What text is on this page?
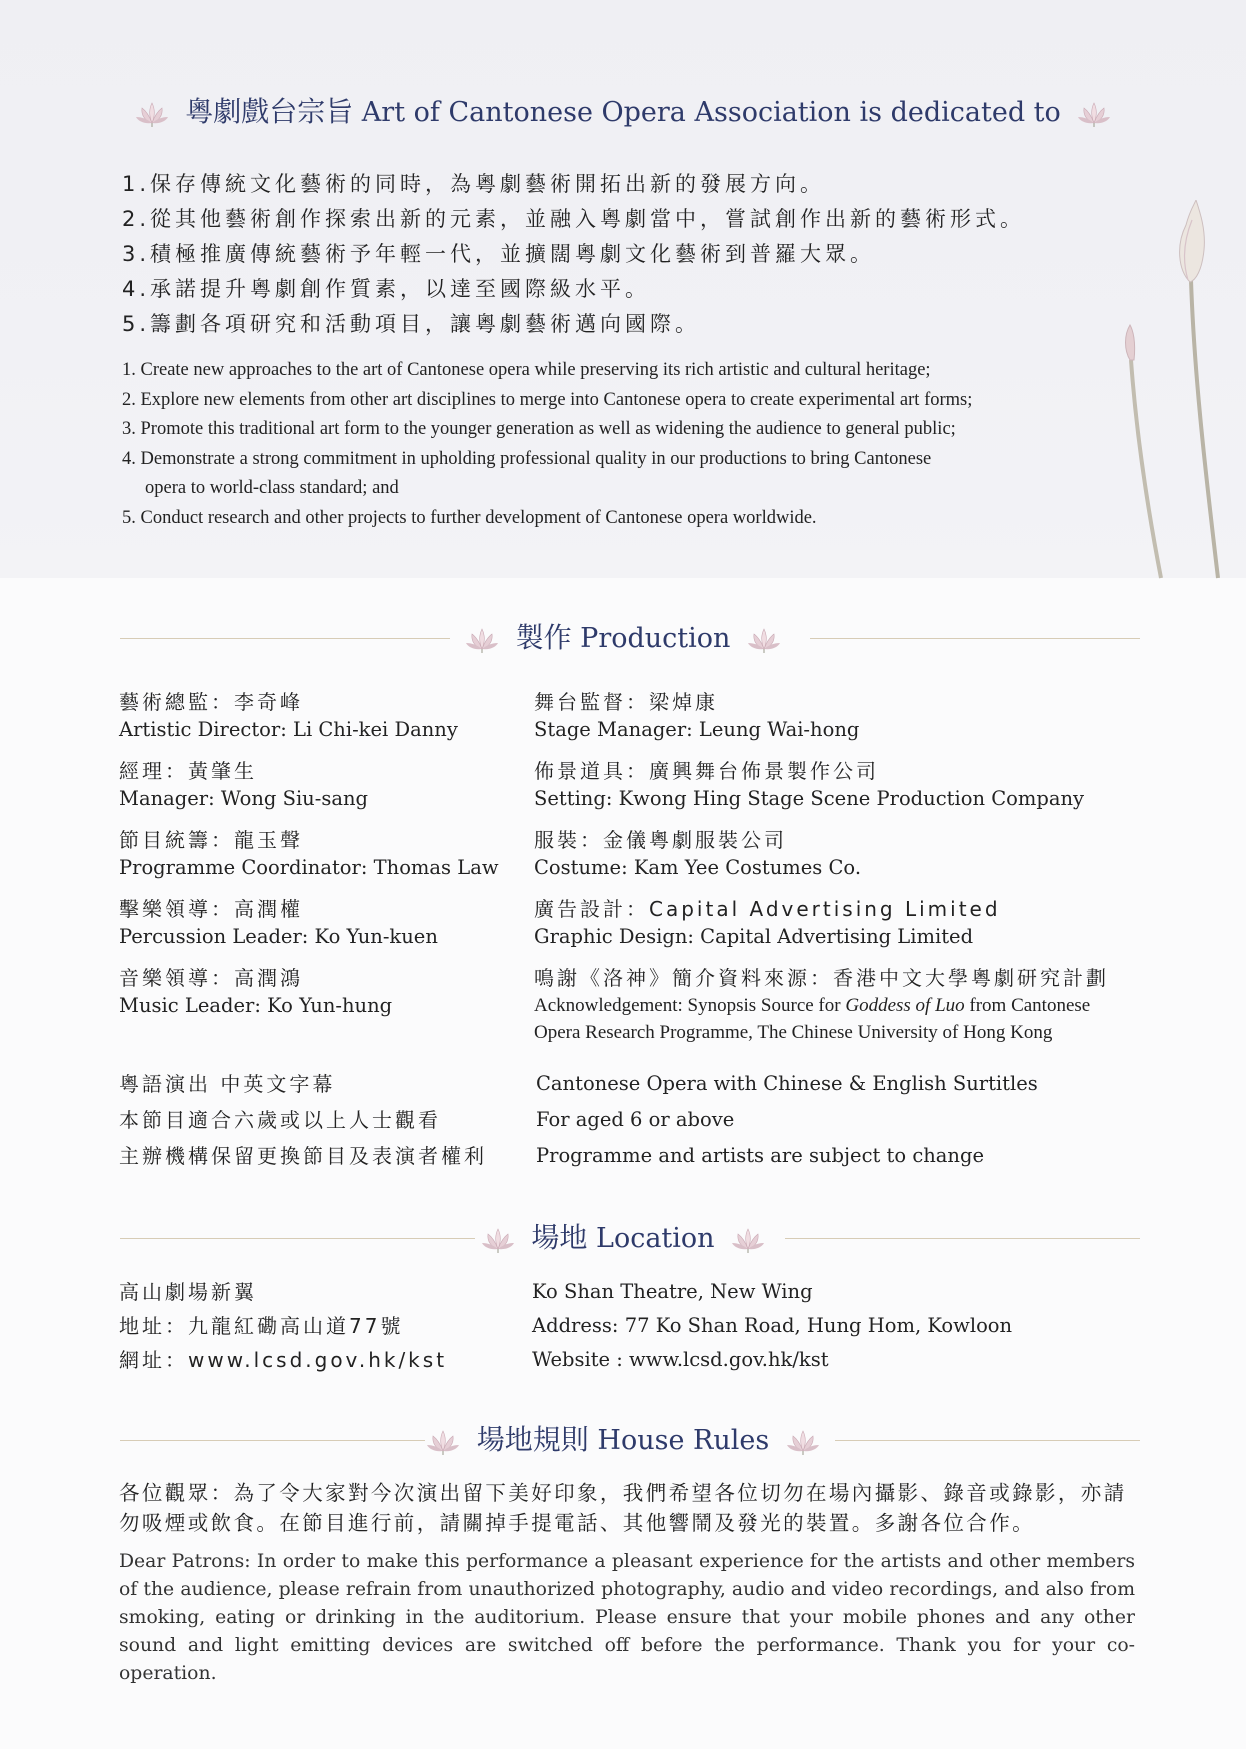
粵劇戲台宗旨 Art of Cantonese Opera Association is dedicated to
1.保存傳統文化藝術的同時，為粵劇藝術開拓出新的發展方向。
2.從其他藝術創作探索出新的元素，並融入粵劇當中，嘗試創作出新的藝術形式。
3.積極推廣傳統藝術予年輕一代，並擴闊粵劇文化藝術到普羅大眾。
4.承諾提升粵劇創作質素，以達至國際級水平。
5.籌劃各項研究和活動項目，讓粵劇藝術邁向國際。
1. Create new approaches to the art of Cantonese opera while preserving its rich artistic and cultural heritage;
2. Explore new elements from other art disciplines to merge into Cantonese opera to create experimental art forms;
3. Promote this traditional art form to the younger generation as well as widening the audience to general public;
4. Demonstrate a strong commitment in upholding professional quality in our productions to bring Cantonese
opera to world-class standard; and
5. Conduct research and other projects to further development of Cantonese opera worldwide.
製作 Production
藝術總監：李奇峰
Artistic Director: Li Chi-kei Danny
經理：黃肇生
Manager: Wong Siu-sang
節目統籌：龍玉聲
Programme Coordinator: Thomas Law
擊樂領導：高潤權
Percussion Leader: Ko Yun-kuen
音樂領導：高潤鴻
Music Leader: Ko Yun-hung
舞台監督：梁焯康
Stage Manager: Leung Wai-hong
佈景道具：廣興舞台佈景製作公司
Setting: Kwong Hing Stage Scene Production Company
服裝：金儀粵劇服裝公司
Costume: Kam Yee Costumes Co.
廣告設計：Capital Advertising Limited
Graphic Design: Capital Advertising Limited
鳴謝《洛神》簡介資料來源：香港中文大學粵劇研究計劃
Acknowledgement: Synopsis Source for Goddess of Luo from Cantonese
Opera Research Programme, The Chinese University of Hong Kong
粵語演出 中英文字幕
本節目適合六歲或以上人士觀看
主辦機構保留更換節目及表演者權利
Cantonese Opera with Chinese & English Surtitles
For aged 6 or above
Programme and artists are subject to change
場地 Location
高山劇場新翼
地址：九龍紅磡高山道77號
網址：www.lcsd.gov.hk/kst
Ko Shan Theatre, New Wing
Address: 77 Ko Shan Road, Hung Hom, Kowloon
Website : www.lcsd.gov.hk/kst
場地規則 House Rules
各位觀眾：為了令大家對今次演出留下美好印象，我們希望各位切勿在場內攝影、錄音或錄影，亦請勿吸煙或飲食。在節目進行前，請關掉手提電話、其他響鬧及發光的裝置。多謝各位合作。
Dear Patrons: In order to make this performance a pleasant experience for the artists and other members of the audience, please refrain from unauthorized photography, audio and video recordings, and also from smoking, eating or drinking in the auditorium. Please ensure that your mobile phones and any other sound and light emitting devices are switched off before the performance. Thank you for your co-operation.
